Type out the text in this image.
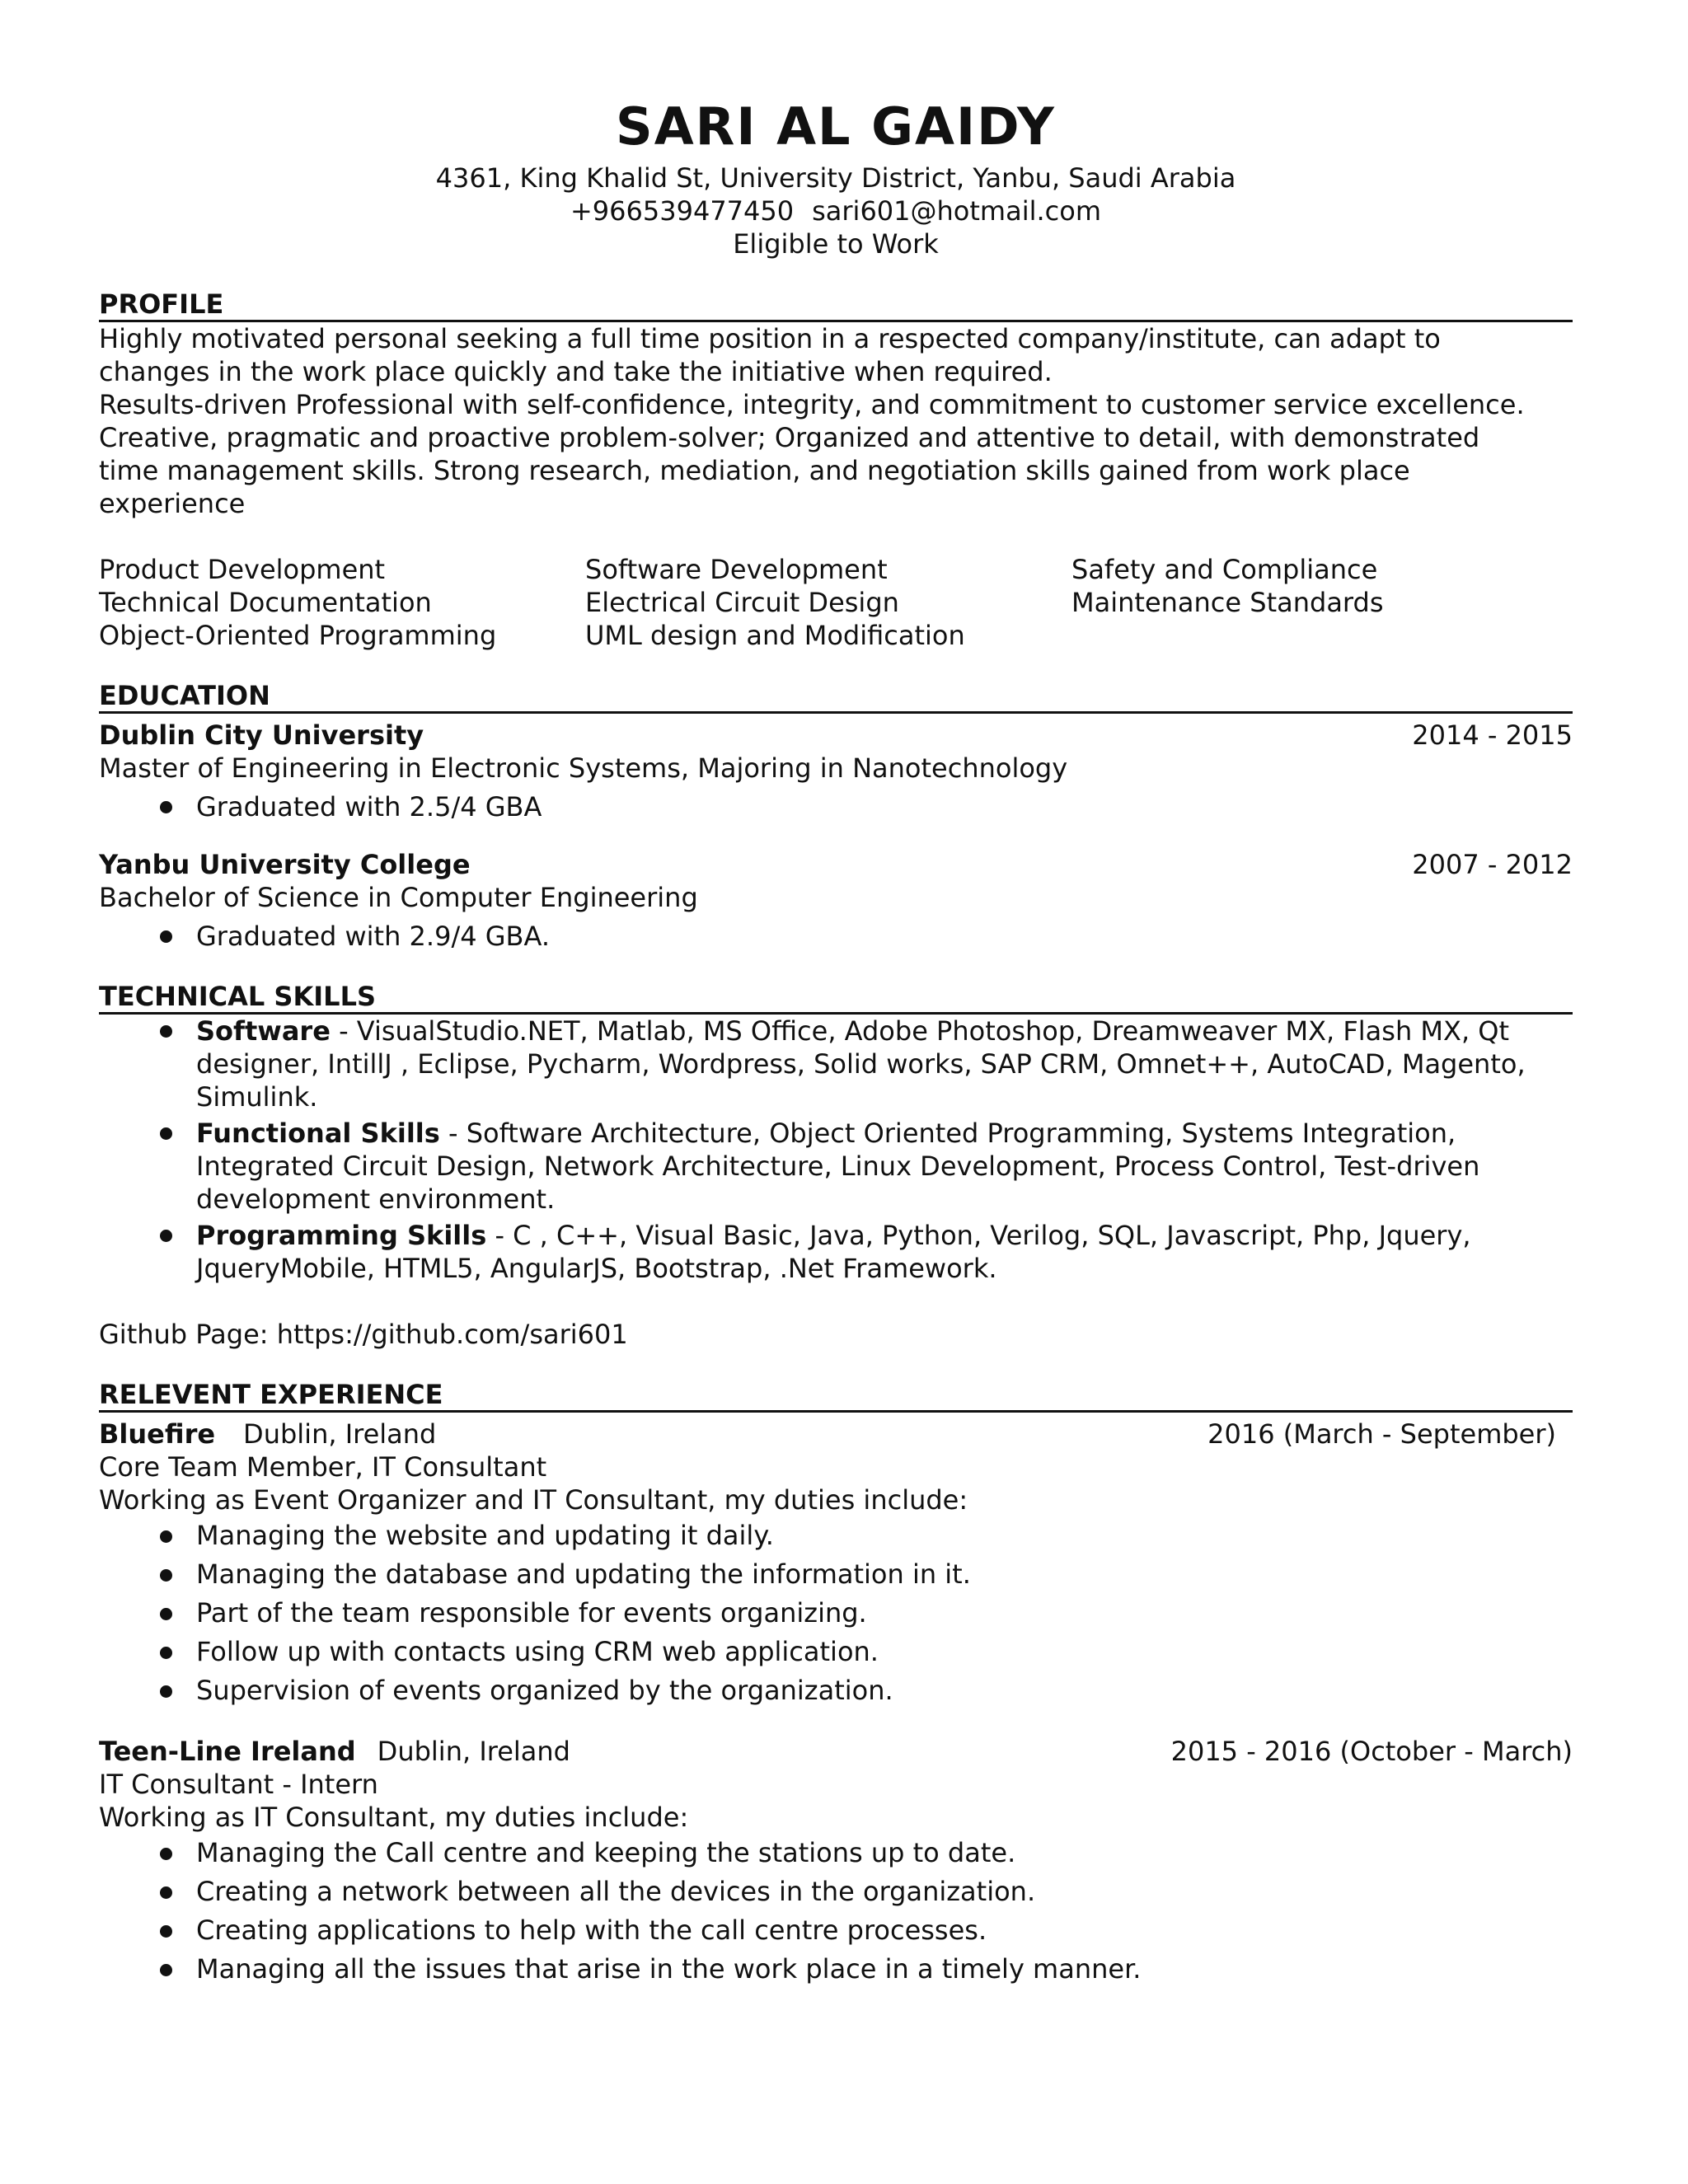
SARI AL GAIDY
4361, King Khalid St, University District, Yanbu, Saudi Arabia
+966539477450 sari601@hotmail.com
Eligible to Work
PROFILE

Highly motivated personal seeking a full time position in a respected company/institute, can adapt to

changes in the work place quickly and take the initiative when required.

Results-driven Professional with self-confidence, integrity, and commitment to customer service excellence.

Creative, pragmatic and proactive problem-solver; Organized and attentive to detail, with demonstrated

time management skills. Strong research, mediation, and negotiation skills gained from work place

experience

Product Development	Software Development	Safety and Compliance
Technical Documentation	Electrical Circuit Design	Maintenance Standards
Object-Oriented Programming	UML design and Modification
EDUCATION
Dublin City University	2014 - 2015
Master of Engineering in Electronic Systems, Majoring in Nanotechnology
Graduated with 2.5/4 GBA
Yanbu University College	2007 - 2012
Bachelor of Science in Computer Engineering
Graduated with 2.9/4 GBA.
TECHNICAL SKILLS
Software - VisualStudio.NET, Matlab, MS Office, Adobe Photoshop, Dreamweaver MX, Flash MX, Qt
designer, IntillJ , Eclipse, Pycharm, Wordpress, Solid works, SAP CRM, Omnet++, AutoCAD, Magento,
Simulink.
Functional Skills - Software Architecture, Object Oriented Programming, Systems Integration,
Integrated Circuit Design, Network Architecture, Linux Development, Process Control, Test-driven
development environment.
Programming Skills - C , C++, Visual Basic, Java, Python, Verilog, SQL, Javascript, Php, Jquery,
JqueryMobile, HTML5, AngularJS, Bootstrap, .Net Framework.
Github Page: https://github.com/sari601
RELEVENT EXPERIENCE
Bluefire Dublin, Ireland	2016 (March - September)
Core Team Member, IT Consultant
Working as Event Organizer and IT Consultant, my duties include:
Managing the website and updating it daily.
Managing the database and updating the information in it.
Part of the team responsible for events organizing.
Follow up with contacts using CRM web application.
Supervision of events organized by the organization.
Teen-Line Ireland Dublin, Ireland	2015 - 2016 (October - March)
IT Consultant - Intern
Working as IT Consultant, my duties include:
Managing the Call centre and keeping the stations up to date.
Creating a network between all the devices in the organization.
Creating applications to help with the call centre processes.
Managing all the issues that arise in the work place in a timely manner.
